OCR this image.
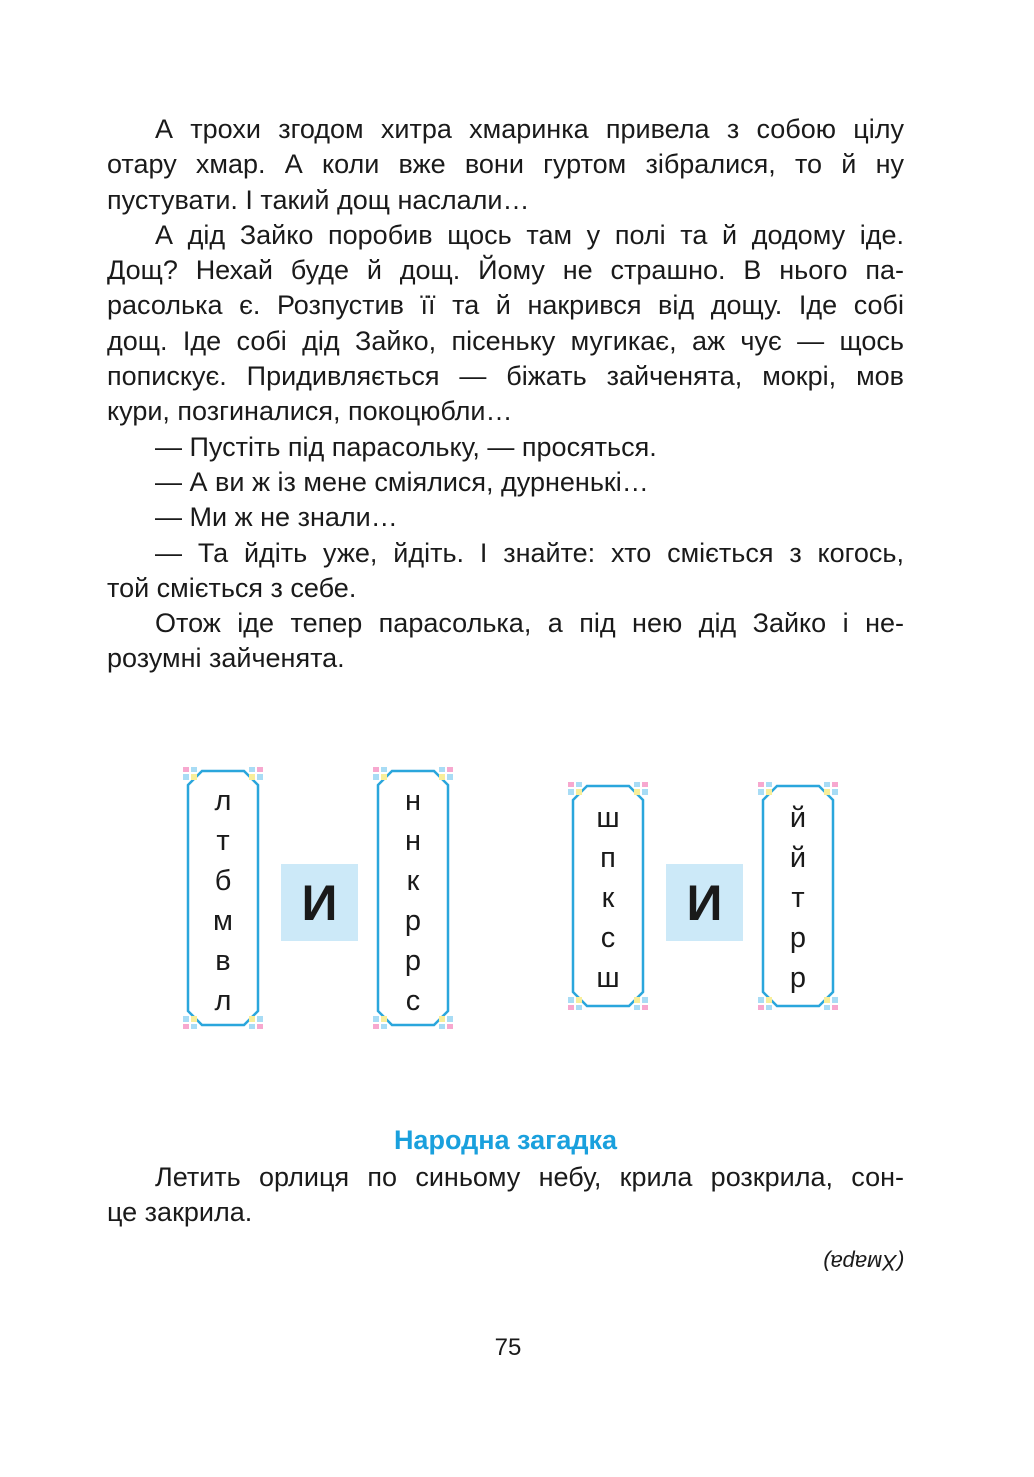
А трохи згодом хитра хмаринка привела з собою цілу
отару хмар. А коли вже вони гуртом зібралися, то й ну
пустувати. І такий дощ наслали…
А дід Зайко поробив щось там у полі та й додому іде.
Дощ? Нехай буде й дощ. Йому не страшно. В нього па-
расолька є. Розпустив її та й накрився від дощу. Іде собі
дощ. Іде собі дід Зайко, пісеньку мугикає, аж чує — щось
попискує. Придивляється — біжать зайченята, мокрі, мов
кури, позгиналися, покоцюбли…
— Пустіть під парасольку, — просяться.
— А ви ж із мене сміялися, дурненькі…
— Ми ж не знали…
— Та йдіть уже, йдіть. І знайте: хто сміється з когось,
той сміється з себе.
Отож іде тепер парасолька, а під нею дід Зайко і не-
розумні зайченята.
л
т
б
м
в
л
И
н
н
к
р
р
с
ш
п
к
с
ш
И
й
й
т
р
р
Народна загадка
Летить орлиця по синьому небу, крила розкрила, сон-
це закрила.
(Хмара)
75
